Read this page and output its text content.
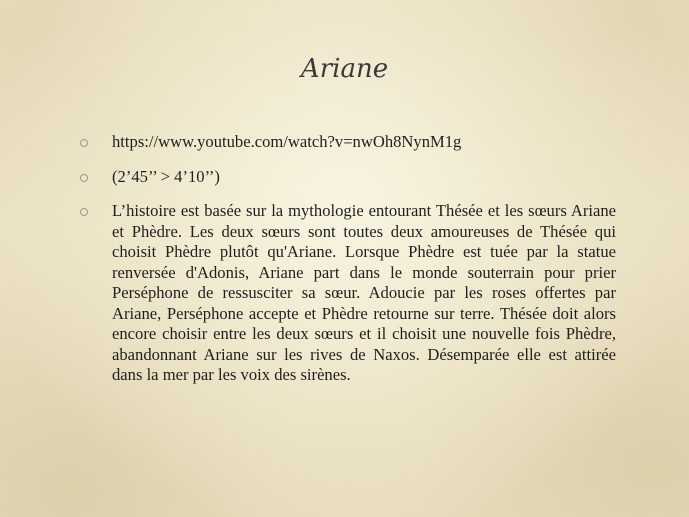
Ariane
https://www.youtube.com/watch?v=nwOh8NynM1g
(2’45’’ > 4’10’’)
L’histoire est basée sur la mythologie entourant Thésée et les sœurs Ariane et Phèdre. Les deux sœurs sont toutes deux amoureuses de Thésée qui choisit Phèdre plutôt qu'Ariane. Lorsque Phèdre est tuée par la statue renversée d'Adonis, Ariane part dans le monde souterrain pour prier Perséphone de ressusciter sa sœur. Adoucie par les roses offertes par Ariane, Perséphone accepte et Phèdre retourne sur terre. Thésée doit alors encore choisir entre les deux sœurs et il choisit une nouvelle fois Phèdre, abandonnant Ariane sur les rives de Naxos. Désemparée elle est attirée dans la mer par les voix des sirènes.
